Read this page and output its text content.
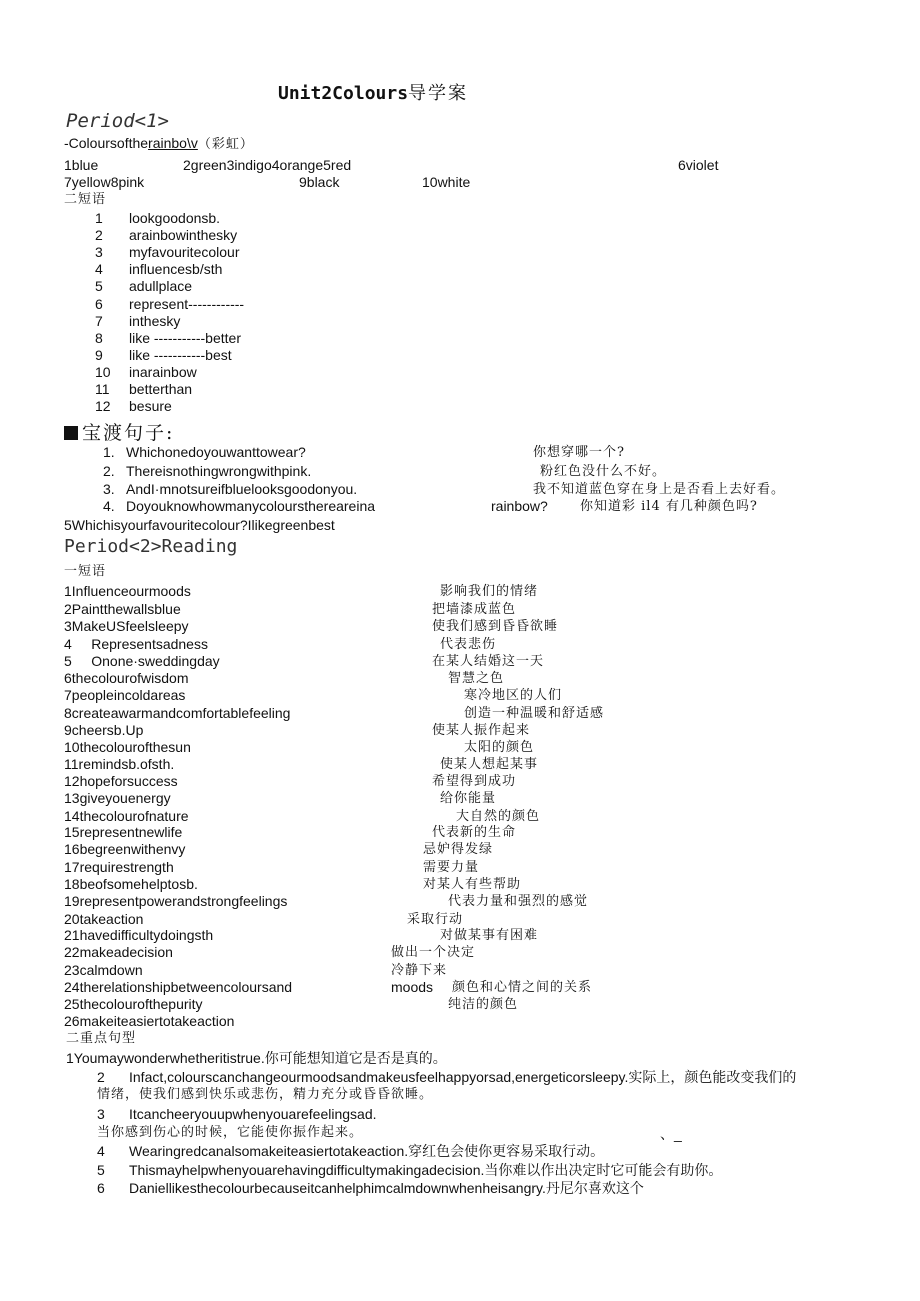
Unit2Colours导学案
Period<1>
-Coloursoftherainbo\v（彩虹）
1blue	2green3indigo4orange5red	6violet
7yellow8pink	9black	10white
二短语
1 lookgoodonsb.
2 arainbowinthesky
3 myfavouritecolour
4 influencesb/sth
5 adullplace
6 represent------------
7 inthesky
8 like -----------better
9 like -----------best
10 inarainbow
11 betterthan
12 besure
宝渡句子:
1. Whichonedoyouwanttowear?	你想穿哪一个?
2. Thereisnothingwrongwithpink.	粉红色没什么不好。
3. AndI·mnotsureifbluelooksgoodonyou.	我不知道蓝色穿在身上是否看上去好看。
4. Doyouknowhowmanycoloursthereareina	rainbow? 你知道彩 il4 有几种颜色吗?
5Whichisyourfavouritecolour?Ilikegreenbest
Period<2>Reading
一短语
1Influenceourmoods	影响我们的情绪
2Paintthewallsblue	把墙漆成蓝色
3MakeUSfeelsleepy	使我们感到昏昏欲睡
4     Representsadness	代表悲伤
5     Onone·sweddingday	在某人结婚这一天
6thecolourofwisdom	智慧之色
7peopleincoldareas	寒冷地区的人们
8createawarmandcomfortablefeeling	创造一种温暖和舒适感
9cheersb.Up	使某人振作起来
10thecolourofthesun	太阳的颜色
11remindsb.ofsth.	使某人想起某事
12hopeforsuccess	希望得到成功
13giveyouenergy	给你能量
14thecolourofnature	大自然的颜色
15representnewlife	代表新的生命
16begreenwithenvy	忌妒得发绿
17requirestrength	需要力量
18beofsomehelptosb.	对某人有些帮助
19representpowerandstrongfeelings	代表力量和强烈的感觉
20takeaction	采取行动
21havedifficultydoingsth	对做某事有困难
22makeadecision	做出一个决定
23calmdown	冷静下来
24therelationshipbetweencoloursand	moods 颜色和心情之间的关系
25thecolourofthepurity	纯洁的颜色
26makeiteasiertotakeaction
二重点句型
1Youmaywonderwhetheritistrue.你可能想知道它是否是真的。
2 Infact,colourscanchangeourmoodsandmakeusfeelhappyorsad,energeticorsleepy.实际上，颜色能改变我们的
情绪，使我们感到快乐或悲伤，精力充分或昏昏欲睡。
3 Itcancheeryouupwhenyouarefeelingsad.
当你感到伤心的时候，它能使你振作起来。	、_
4 Wearingredcanalsomakeiteasiertotakeaction.穿红色会使你更容易采取行动。
5 Thismayhelpwhenyouarehavingdifficultymakingadecision.当你难以作出决定时它可能会有助你。
6 Daniellikesthecolourbecauseitcanhelphimcalmdownwhenheisangry.丹尼尔喜欢这个
